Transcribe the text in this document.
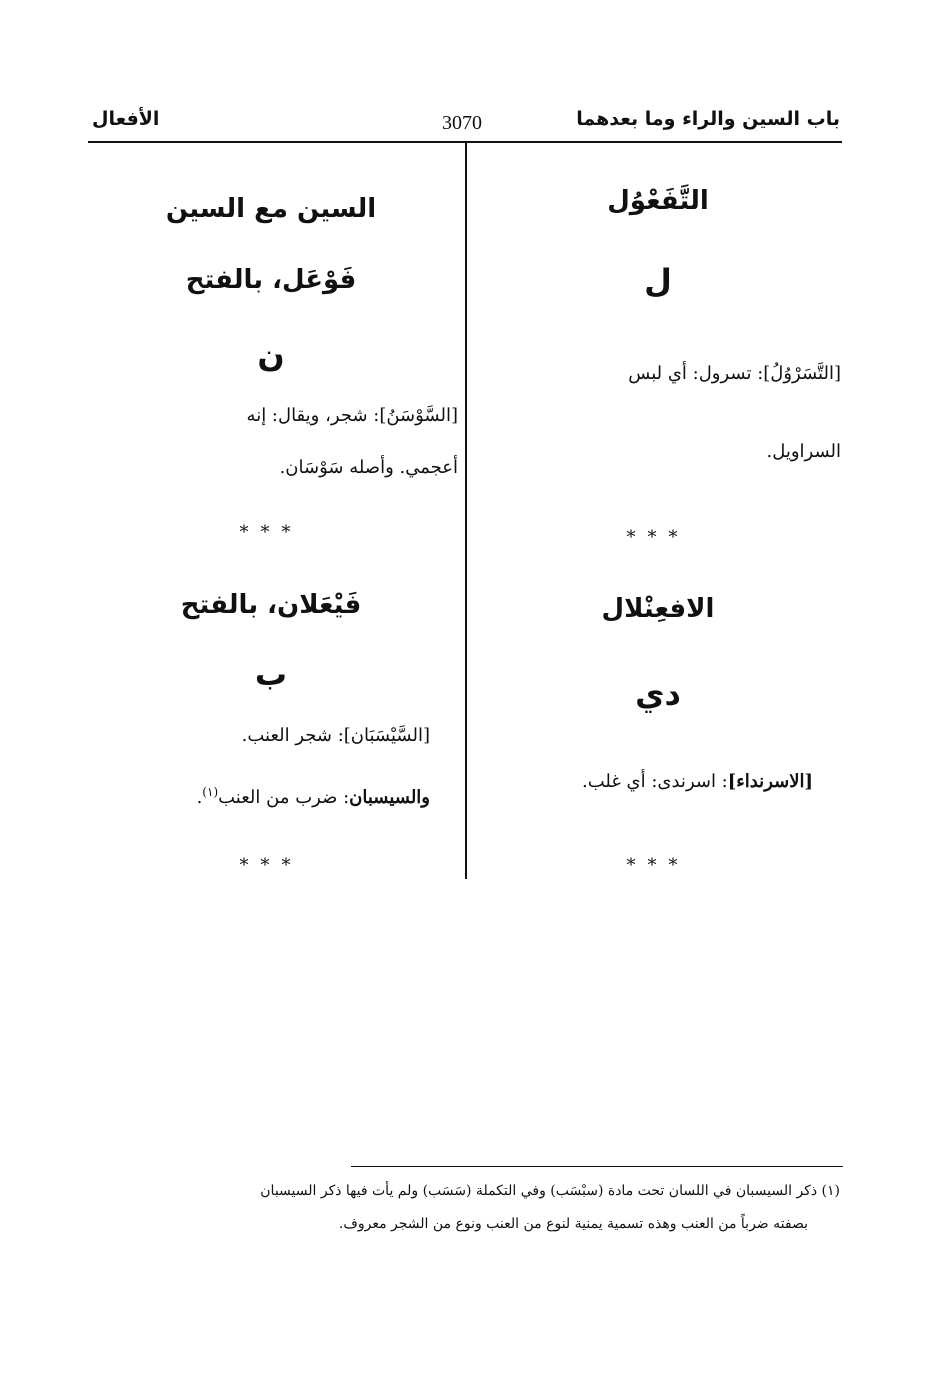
باب السين والراء وما بعدهما
3070
الأفعال
التَّفَعْوُل
ل
[التَّسَرْوُلُ]: تسرول: أي لبس
السراويل.
***
الافعِنْلال
دي
[الاسرنداء]: اسرندى: أي غلب.
***
السين مع السين
فَوْعَل، بالفتح
ن
[السَّوْسَنُ]: شجر، ويقال: إنه
أعجمي. وأصله سَوْسَان.
***
فَيْعَلان، بالفتح
ب
[السَّيْسَبَان]: شجر العنب.
والسيسبان: ضرب من العنب$^{(١)}$.
***
(١) ذكر السيسبان في اللسان تحت مادة (سبْسَب) وفي التكملة (سَسَب) ولم يأت فيها ذكر السيسبان
بصفته ضرباً من العنب وهذه تسمية يمنية لنوع من العنب ونوع من الشجر معروف.
